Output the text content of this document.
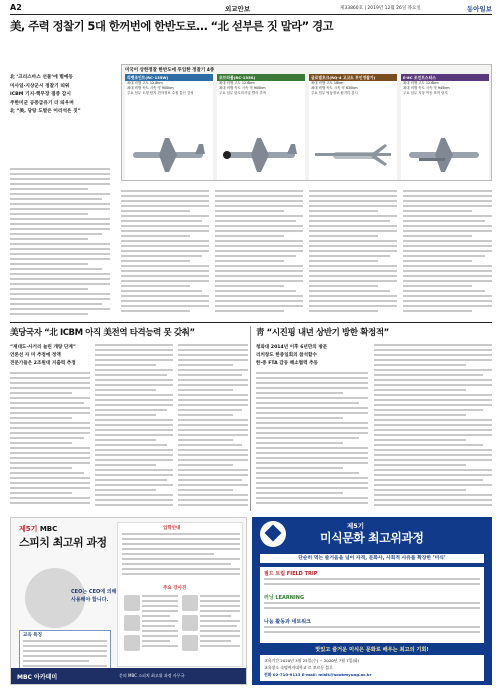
A2	외교안보	제33860호 | 2019년 12월 26일 목요일	동아일보
美, 주력 정찰기 5대 한꺼번에 한반도로… “北 섣부른 짓 말라” 경고
北 ‘크리스마스 선물’에 별예동
미사일·지상군시 정찰기 띄워
ICBM 기지·핵무장 점증 감시
주한미군 공중급유기 더 띄우며
北 “美, 당랑 도발은 어리석은 짓”
미국이 상한정찰 한반도에 투입한 정찰기 4종
리벳조인트(RC-135W)
최대 비행 고도 12.8km
최대 비행 속도 시속 약 900km
주요 임무 도청 탐지 전자정보 수집 통신 감청
코브라볼(RC-135S)
최대 비행 고도 12.8km
최대 비행 속도 시속 약 900km
주요 임무 탄도미사일 발사 추적
글로벌호크(RQ-4 고고도 무인정찰기)
최대 비행 고도 18km
최대 비행 속도 시속 약 630km
주요 임무 영상정보 원거리 감시
E-8C 조인트스타스
최대 비행 고도 12.8km
최대 비행 속도 시속 약 945km
주요 임무 지상 이동 표적 탐지
美당국자 “北 ICBM 아직 美전역 타격능력 못 갖춰”
“재대도·사거리 늘린 개량 단계”
언론선 자 미 추정에 정액
전문가들은 2조원대 지출력 추정
靑 “시진핑 내년 상반기 방한 확정적”
청와대 2014년 이후 6년만의 방문
리커창도 한중일회의 참석할수
한·중 FTA 감동 해소협력 추동
제5기 MBC
스피치 최고위 과정
CEO는 CEO에 의해
사용해야 합니다.
교육 특징
입학안내
주요 강사진
MBC 아카데미	문의 MBC 스피치 최고위 과정 사무국
제5기
미식문화 최고위과정
단순히 먹는 즐거움을 넘어 자격, 문화사, 사회적 사유를 확장한 ‘미식’
필드 트립 FIELD TRIP
러닝 LEARNING
나눔 활동과 네트워크
맛있고 즐거운 미식은 문화로 배우는 최고의 기회!
교육기간 2020년 3월 25일(수) ~ 2020년 7월 7일(화)
교육장소 숙명여자대학교 르 꼬르동 블루
전화 02-710-9113 E-mail: misik@sookmyung.ac.kr
